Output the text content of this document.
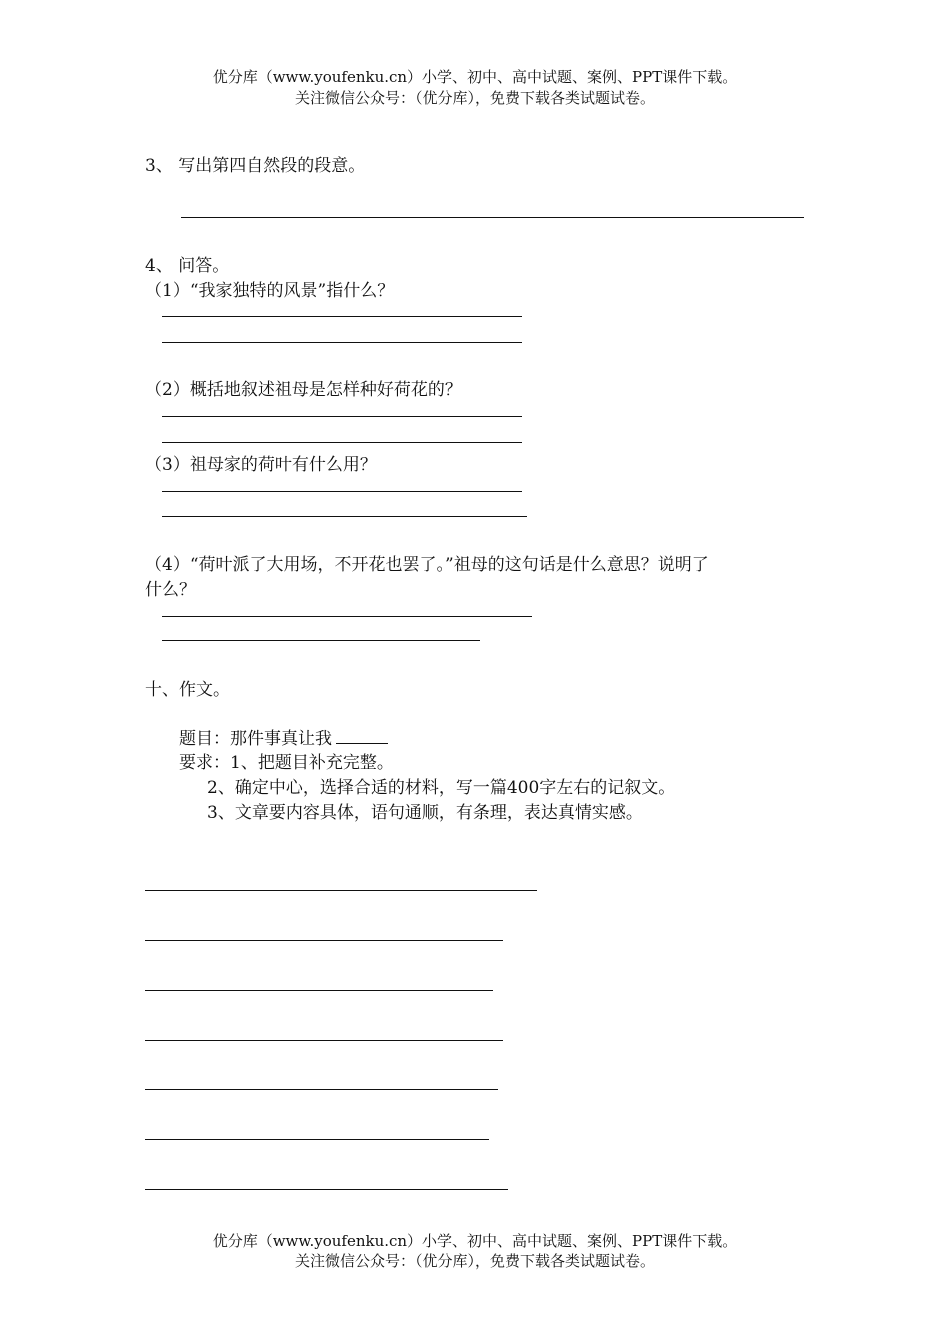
优分库（www.youfenku.cn）小学、初中、高中试题、案例、PPT课件下载。
关注微信公众号：（优分库），免费下载各类试题试卷。
3、 写出第四自然段的段意。
4、 问答。
（1）“我家独特的风景”指什么？
（2）概括地叙述祖母是怎样种好荷花的？
（3）祖母家的荷叶有什么用？
（4）“荷叶派了大用场，不开花也罢了。”祖母的这句话是什么意思？说明了
什么？
十、作文。
题目：那件事真让我
要求：1、把题目补充完整。
2、确定中心，选择合适的材料，写一篇400字左右的记叙文。
3、文章要内容具体，语句通顺，有条理，表达真情实感。
优分库（www.youfenku.cn）小学、初中、高中试题、案例、PPT课件下载。
关注微信公众号：（优分库），免费下载各类试题试卷。
